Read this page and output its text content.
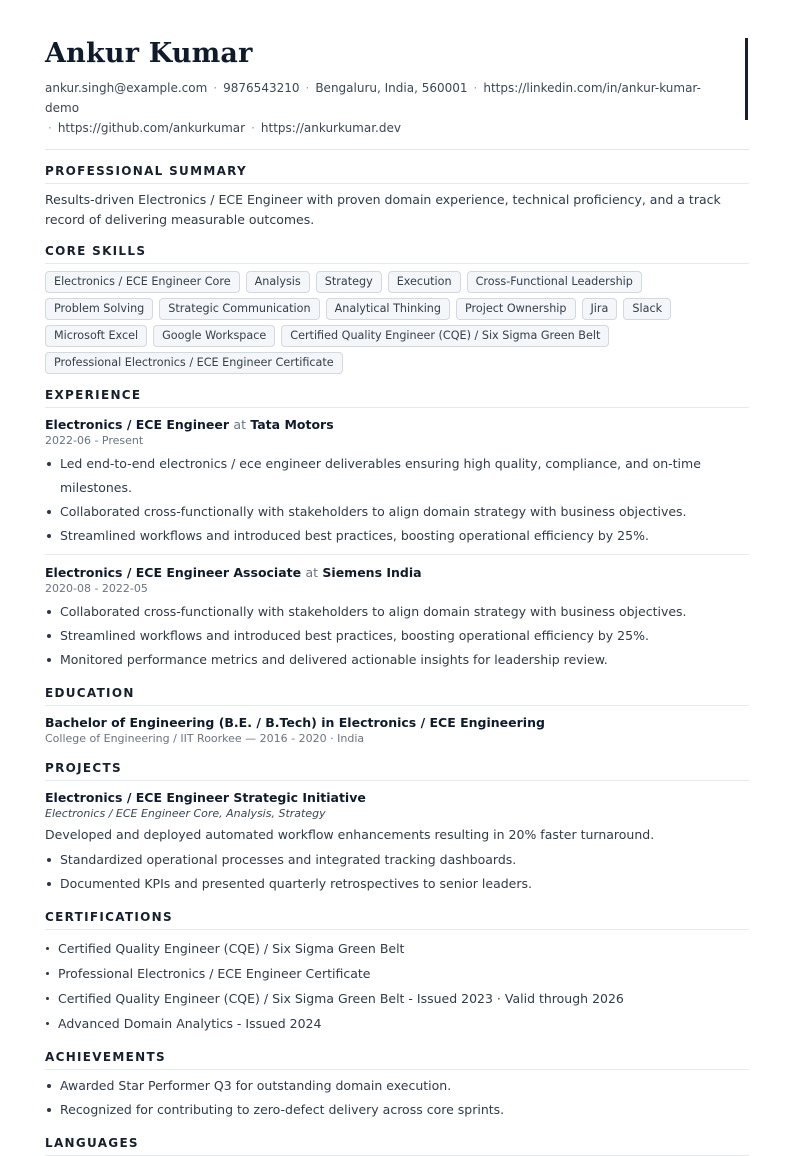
Ankur Kumar
ankur.singh@example.com · 9876543210 · Bengaluru, India, 560001 · https://linkedin.com/in/ankur-kumar-demo
· https://github.com/ankurkumar · https://ankurkumar.dev
PROFESSIONAL SUMMARY

Results-driven Electronics / ECE Engineer with proven domain experience, technical proficiency, and a track record of delivering measurable outcomes.

CORE SKILLS
Electronics / ECE Engineer Core	Analysis	Strategy	Execution	Cross-Functional Leadership
Problem Solving	Strategic Communication	Analytical Thinking	Project Ownership	Jira	Slack
Microsoft Excel	Google Workspace	Certified Quality Engineer (CQE) / Six Sigma Green Belt
Professional Electronics / ECE Engineer Certificate
EXPERIENCE
Electronics / ECE Engineer at Tata Motors
2022-06 - Present
Led end-to-end electronics / ece engineer deliverables ensuring high quality, compliance, and on-time milestones.
Collaborated cross-functionally with stakeholders to align domain strategy with business objectives.
Streamlined workflows and introduced best practices, boosting operational efficiency by 25%.
Electronics / ECE Engineer Associate at Siemens India
2020-08 - 2022-05
Collaborated cross-functionally with stakeholders to align domain strategy with business objectives.
Streamlined workflows and introduced best practices, boosting operational efficiency by 25%.
Monitored performance metrics and delivered actionable insights for leadership review.
EDUCATION
Bachelor of Engineering (B.E. / B.Tech) in Electronics / ECE Engineering
College of Engineering / IIT Roorkee — 2016 - 2020 · India
PROJECTS
Electronics / ECE Engineer Strategic Initiative
Electronics / ECE Engineer Core, Analysis, Strategy

Developed and deployed automated workflow enhancements resulting in 20% faster turnaround.

Standardized operational processes and integrated tracking dashboards.
Documented KPIs and presented quarterly retrospectives to senior leaders.
CERTIFICATIONS
Certified Quality Engineer (CQE) / Six Sigma Green Belt
Professional Electronics / ECE Engineer Certificate
Certified Quality Engineer (CQE) / Six Sigma Green Belt - Issued 2023 · Valid through 2026
Advanced Domain Analytics - Issued 2024
ACHIEVEMENTS
Awarded Star Performer Q3 for outstanding domain execution.
Recognized for contributing to zero-defect delivery across core sprints.
LANGUAGES
